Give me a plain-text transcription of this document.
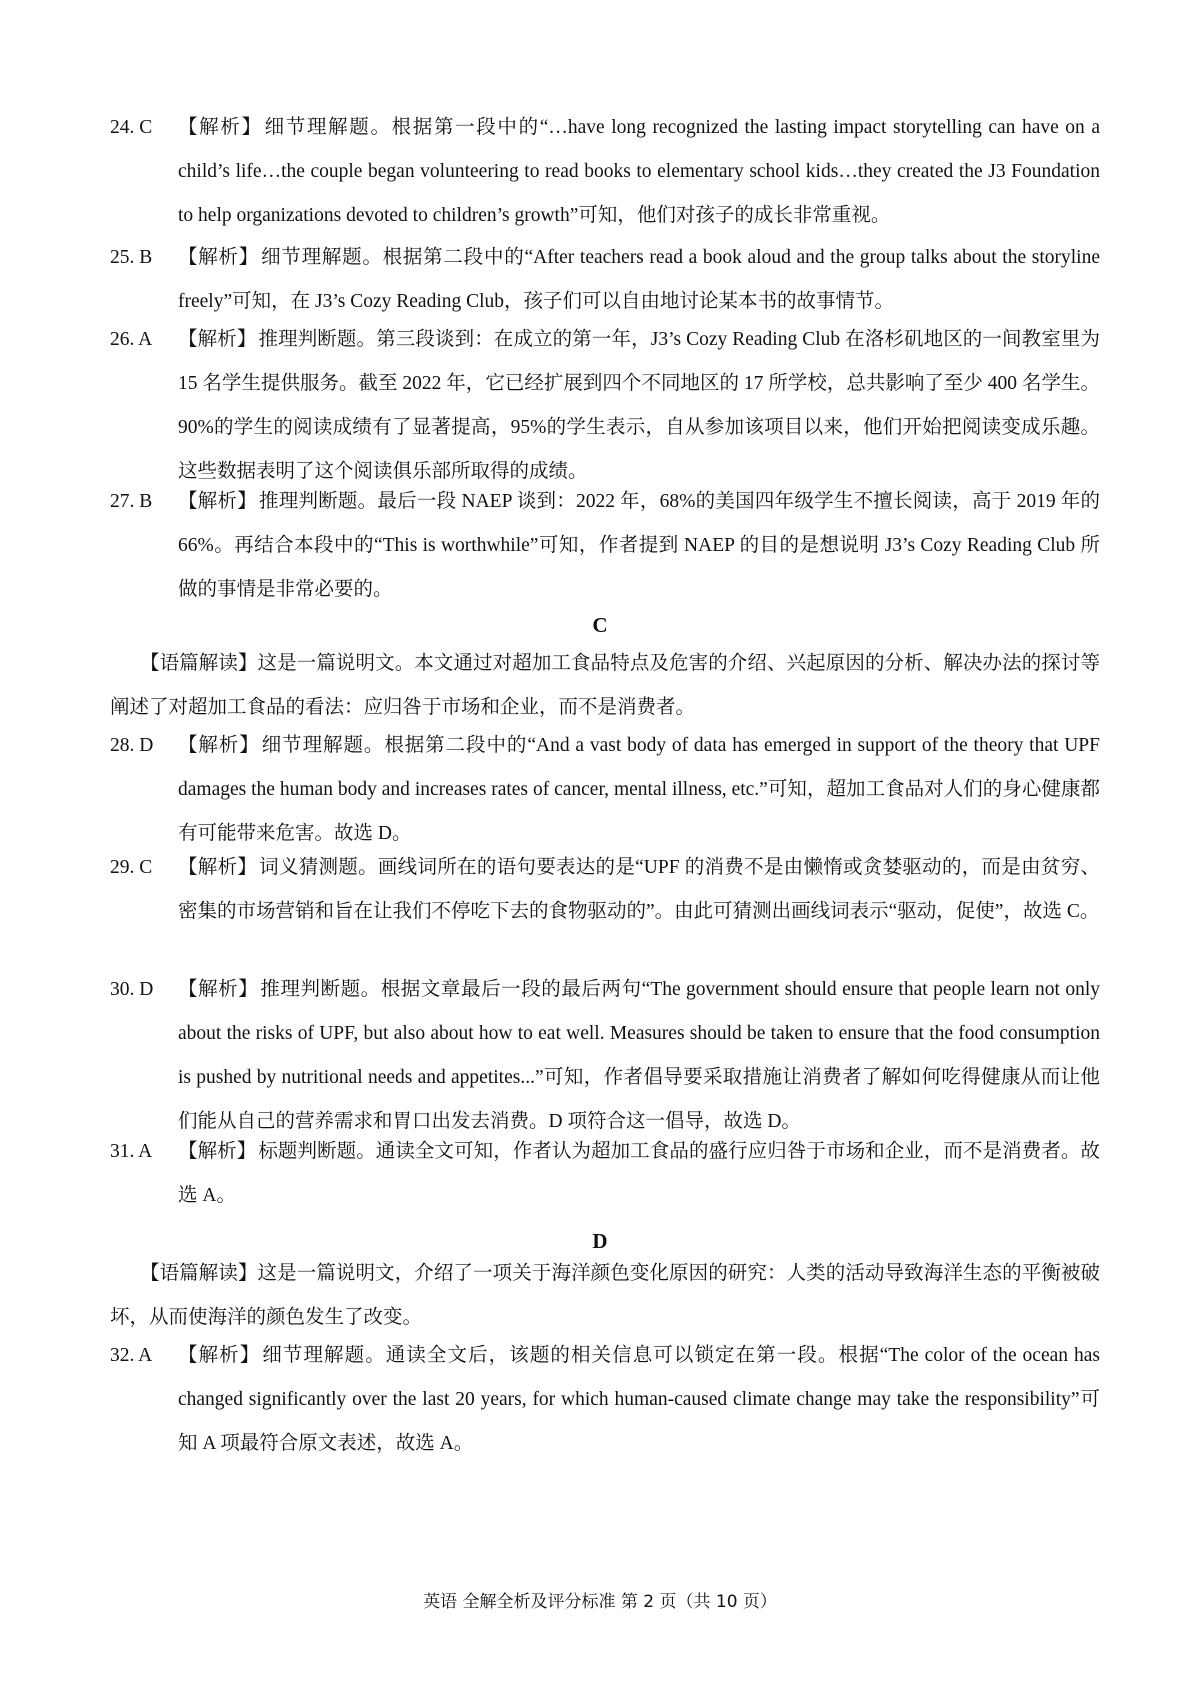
24. C	【解析】 细节理解题。根据第一段中的“…have long recognized the lasting impact storytelling can have on a child’s life…the couple began volunteering to read books to elementary school kids…they created the J3 Foundation to help organizations devoted to children’s growth”可知，他们对孩子的成长非常重视。
25. B	【解析】 细节理解题。根据第二段中的“After teachers read a book aloud and the group talks about the storyline freely”可知，在 J3’s Cozy Reading Club，孩子们可以自由地讨论某本书的故事情节。
26. A	【解析】 推理判断题。第三段谈到：在成立的第一年，J3’s Cozy Reading Club 在洛杉矶地区的一间教室里为 15 名学生提供服务。截至 2022 年，它已经扩展到四个不同地区的 17 所学校，总共影响了至少 400 名学生。90%的学生的阅读成绩有了显著提高，95%的学生表示，自从参加该项目以来，他们开始把阅读变成乐趣。这些数据表明了这个阅读俱乐部所取得的成绩。
27. B	【解析】 推理判断题。最后一段 NAEP 谈到：2022 年，68%的美国四年级学生不擅长阅读，高于 2019 年的 66%。再结合本段中的“This is worthwhile”可知，作者提到 NAEP 的目的是想说明 J3’s Cozy Reading Club 所做的事情是非常必要的。
C
【语篇解读】这是一篇说明文。本文通过对超加工食品特点及危害的介绍、兴起原因的分析、解决办法的探讨等阐述了对超加工食品的看法：应归咎于市场和企业，而不是消费者。
28. D	【解析】 细节理解题。根据第二段中的“And a vast body of data has emerged in support of the theory that UPF damages the human body and increases rates of cancer, mental illness, etc.”可知，超加工食品对人们的身心健康都有可能带来危害。故选 D。
29. C	【解析】 词义猜测题。画线词所在的语句要表达的是“UPF 的消费不是由懒惰或贪婪驱动的，而是由贫穷、密集的市场营销和旨在让我们不停吃下去的食物驱动的”。由此可猜测出画线词表示“驱动，促使”，故选 C。
30. D	【解析】 推理判断题。根据文章最后一段的最后两句“The government should ensure that people learn not only about the risks of UPF, but also about how to eat well. Measures should be taken to ensure that the food consumption is pushed by nutritional needs and appetites...”可知，作者倡导要采取措施让消费者了解如何吃得健康从而让他们能从自己的营养需求和胃口出发去消费。D 项符合这一倡导，故选 D。
31. A	【解析】 标题判断题。通读全文可知，作者认为超加工食品的盛行应归咎于市场和企业，而不是消费者。故选 A。
D
【语篇解读】这是一篇说明文，介绍了一项关于海洋颜色变化原因的研究：人类的活动导致海洋生态的平衡被破坏，从而使海洋的颜色发生了改变。
32. A	【解析】 细节理解题。通读全文后，该题的相关信息可以锁定在第一段。根据“The color of the ocean has changed significantly over the last 20 years, for which human-caused climate change may take the responsibility”可知 A 项最符合原文表述，故选 A。
英语 全解全析及评分标准 第 2 页（共 10 页）
